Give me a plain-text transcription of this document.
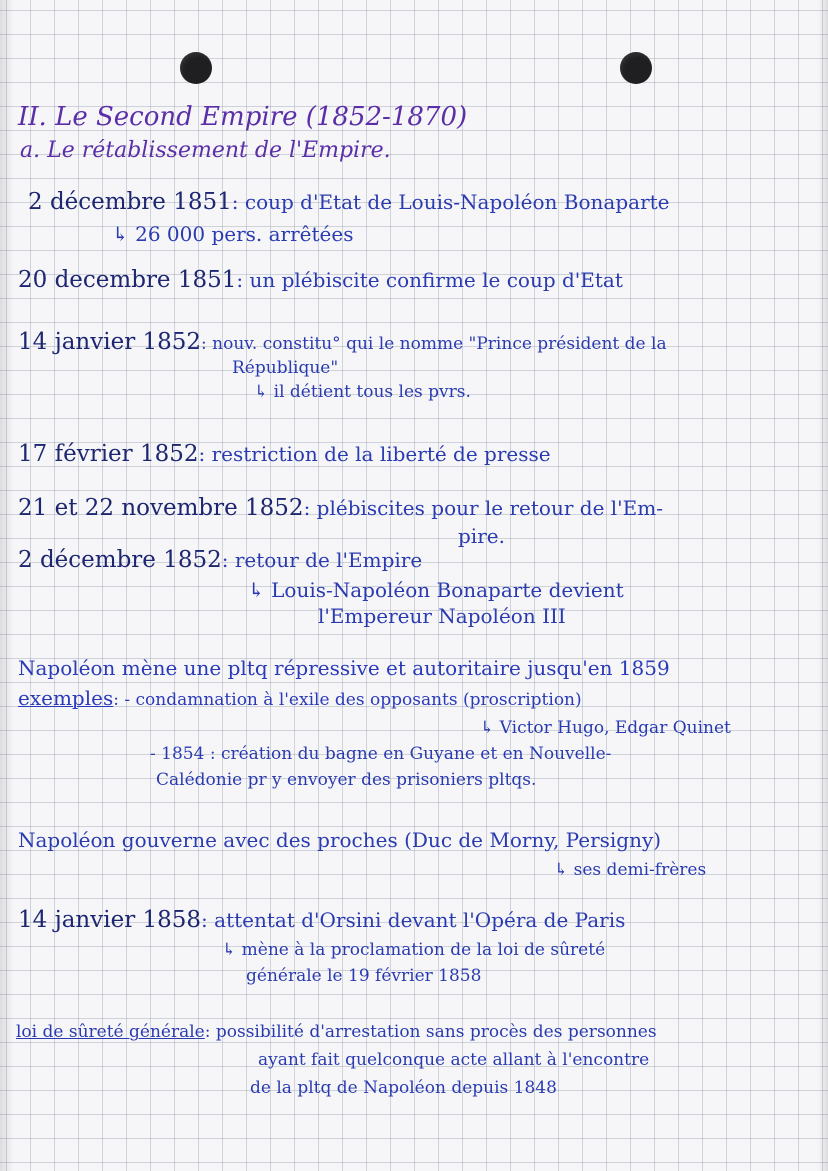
II. Le Second Empire (1852-1870)
a. Le rétablissement de l'Empire.
2 décembre 1851: coup d'Etat de Louis-Napoléon Bonaparte
↳ 26 000 pers. arrêtées
20 decembre 1851: un plébiscite confirme le coup d'Etat
14 janvier 1852: nouv. constitu° qui le nomme "Prince président de la
République"
↳ il détient tous les pvrs.
17 février 1852: restriction de la liberté de presse
21 et 22 novembre 1852: plébiscites pour le retour de l'Em-
pire.
2 décembre 1852: retour de l'Empire
↳ Louis-Napoléon Bonaparte devient
l'Empereur Napoléon III
Napoléon mène une pltq répressive et autoritaire jusqu'en 1859
exemples: - condamnation à l'exile des opposants (proscription)
↳ Victor Hugo, Edgar Quinet
- 1854 : création du bagne en Guyane et en Nouvelle-
Calédonie pr y envoyer des prisoniers pltqs.
Napoléon gouverne avec des proches (Duc de Morny, Persigny)
↳ ses demi-frères
14 janvier 1858: attentat d'Orsini devant l'Opéra de Paris
↳ mène à la proclamation de la loi de sûreté
générale le 19 février 1858
loi de sûreté générale: possibilité d'arrestation sans procès des personnes
ayant fait quelconque acte allant à l'encontre
de la pltq de Napoléon depuis 1848
